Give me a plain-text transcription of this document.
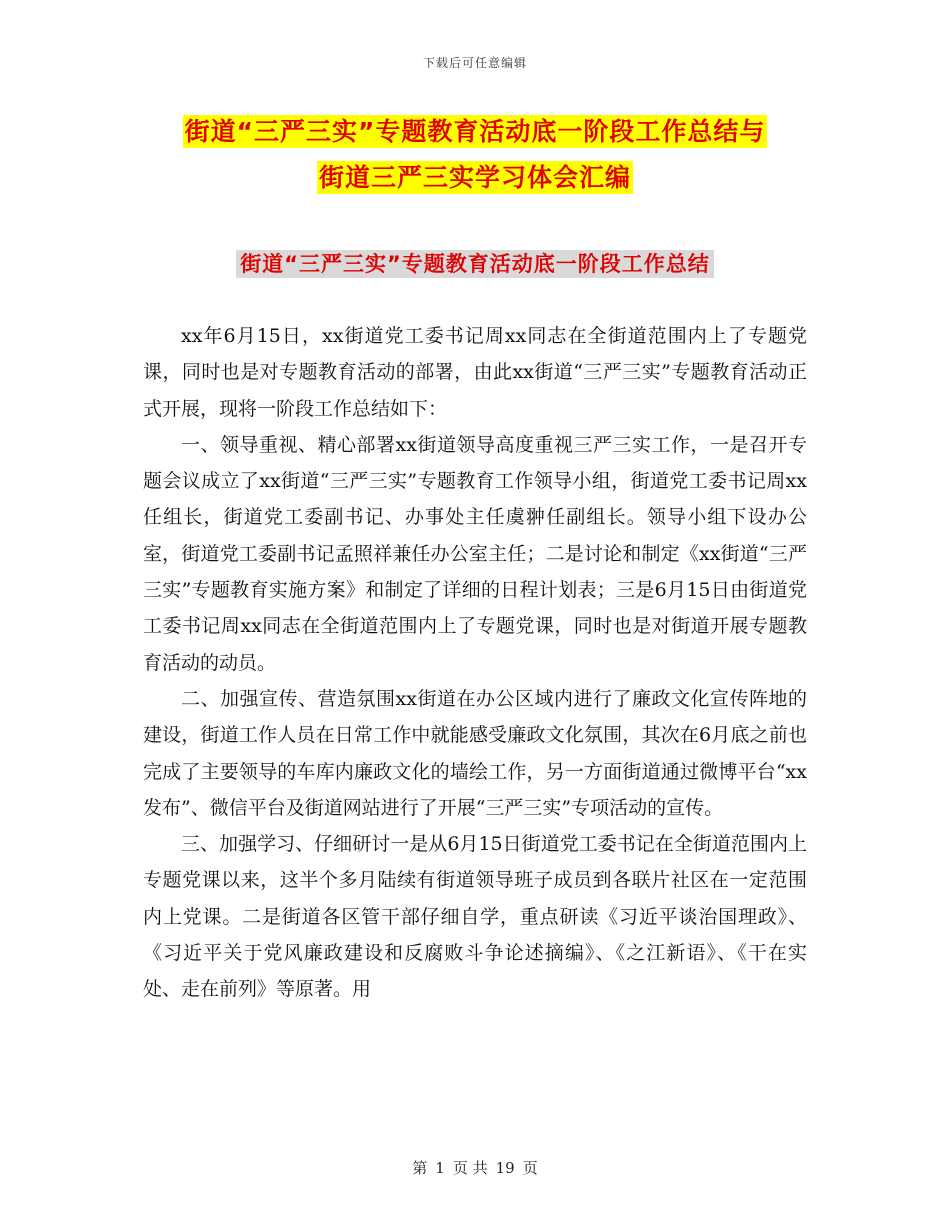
下载后可任意编辑
街道“三严三实”专题教育活动底一阶段工作总结与
街道三严三实学习体会汇编
街道“三严三实”专题教育活动底一阶段工作总结

xx年6月15日，xx街道党工委书记周xx同志在全街道范围内上了专题党课，同时也是对专题教育活动的部署，由此xx街道“三严三实”专题教育活动正式开展，现将一阶段工作总结如下：

一、领导重视、精心部署xx街道领导高度重视三严三实工作，一是召开专题会议成立了xx街道“三严三实”专题教育工作领导小组，街道党工委书记周xx任组长，街道党工委副书记、办事处主任虞翀任副组长。领导小组下设办公室，街道党工委副书记孟照祥兼任办公室主任；二是讨论和制定《xx街道“三严三实”专题教育实施方案》和制定了详细的日程计划表；三是6月15日由街道党工委书记周xx同志在全街道范围内上了专题党课，同时也是对街道开展专题教育活动的动员。

二、加强宣传、营造氛围xx街道在办公区域内进行了廉政文化宣传阵地的建设，街道工作人员在日常工作中就能感受廉政文化氛围，其次在6月底之前也完成了主要领导的车库内廉政文化的墙绘工作，另一方面街道通过微博平台“xx发布”、微信平台及街道网站进行了开展“三严三实”专项活动的宣传。

三、加强学习、仔细研讨一是从6月15日街道党工委书记在全街道范围内上专题党课以来，这半个多月陆续有街道领导班子成员到各联片社区在一定范围内上党课。二是街道各区管干部仔细自学，重点研读《习近平谈治国理政》、《习近平关于党风廉政建设和反腐败斗争论述摘编》、《之江新语》、《干在实处、走在前列》等原著。用

第 1 页 共 19 页
